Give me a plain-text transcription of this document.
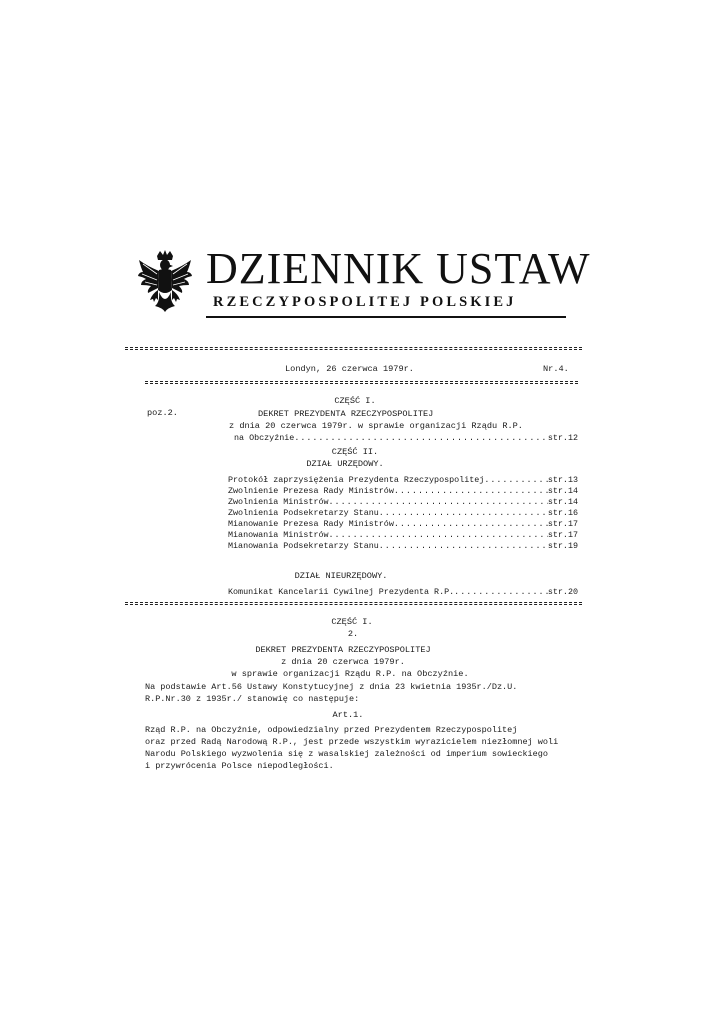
DZIENNIK USTAW
RZECZYPOSPOLITEJ POLSKIEJ
Londyn, 26 czerwca 1979r.	Nr.4.
CZĘŚĆ I.
poz.2.	DEKRET PREZYDENTA RZECZYPOSPOLITEJ
z dnia 20 czerwca 1979r. w sprawie organizacji Rządu R.P.
na Obczyźnie .....	str.12
CZĘŚĆ II.
DZIAŁ URZĘDOWY.
Protokół zaprzysiężenia Prezydenta Rzeczypospolitej .....	str.13
Zwolnienie Prezesa Rady Ministrów .....	str.14
Zwolnienia Ministrów .....	str.14
Zwolnienia Podsekretarzy Stanu .....	str.16
Mianowanie Prezesa Rady Ministrów .....	str.17
Mianowania Ministrów .....	str.17
Mianowania Podsekretarzy Stanu .....	str.19
DZIAŁ NIEURZĘDOWY.
Komunikat Kancelarii Cywilnej Prezydenta R.P. .....	str.20
CZĘŚĆ I.
2.
DEKRET PREZYDENTA RZECZYPOSPOLITEJ
z dnia 20 czerwca 1979r.
w sprawie organizacji Rządu R.P. na Obczyźnie.
Na podstawie Art.56 Ustawy Konstytucyjnej z dnia 23 kwietnia 1935r./Dz.U.
R.P.Nr.30 z 1935r./ stanowię co następuje:
Art.1.
Rząd R.P. na Obczyźnie, odpowiedzialny przed Prezydentem Rzeczypospolitej
oraz przed Radą Narodową R.P., jest przede wszystkim wyrazicielem niezłomnej woli
Narodu Polskiego wyzwolenia się z wasalskiej zależności od imperium sowieckiego
i przywrócenia Polsce niepodległości.
